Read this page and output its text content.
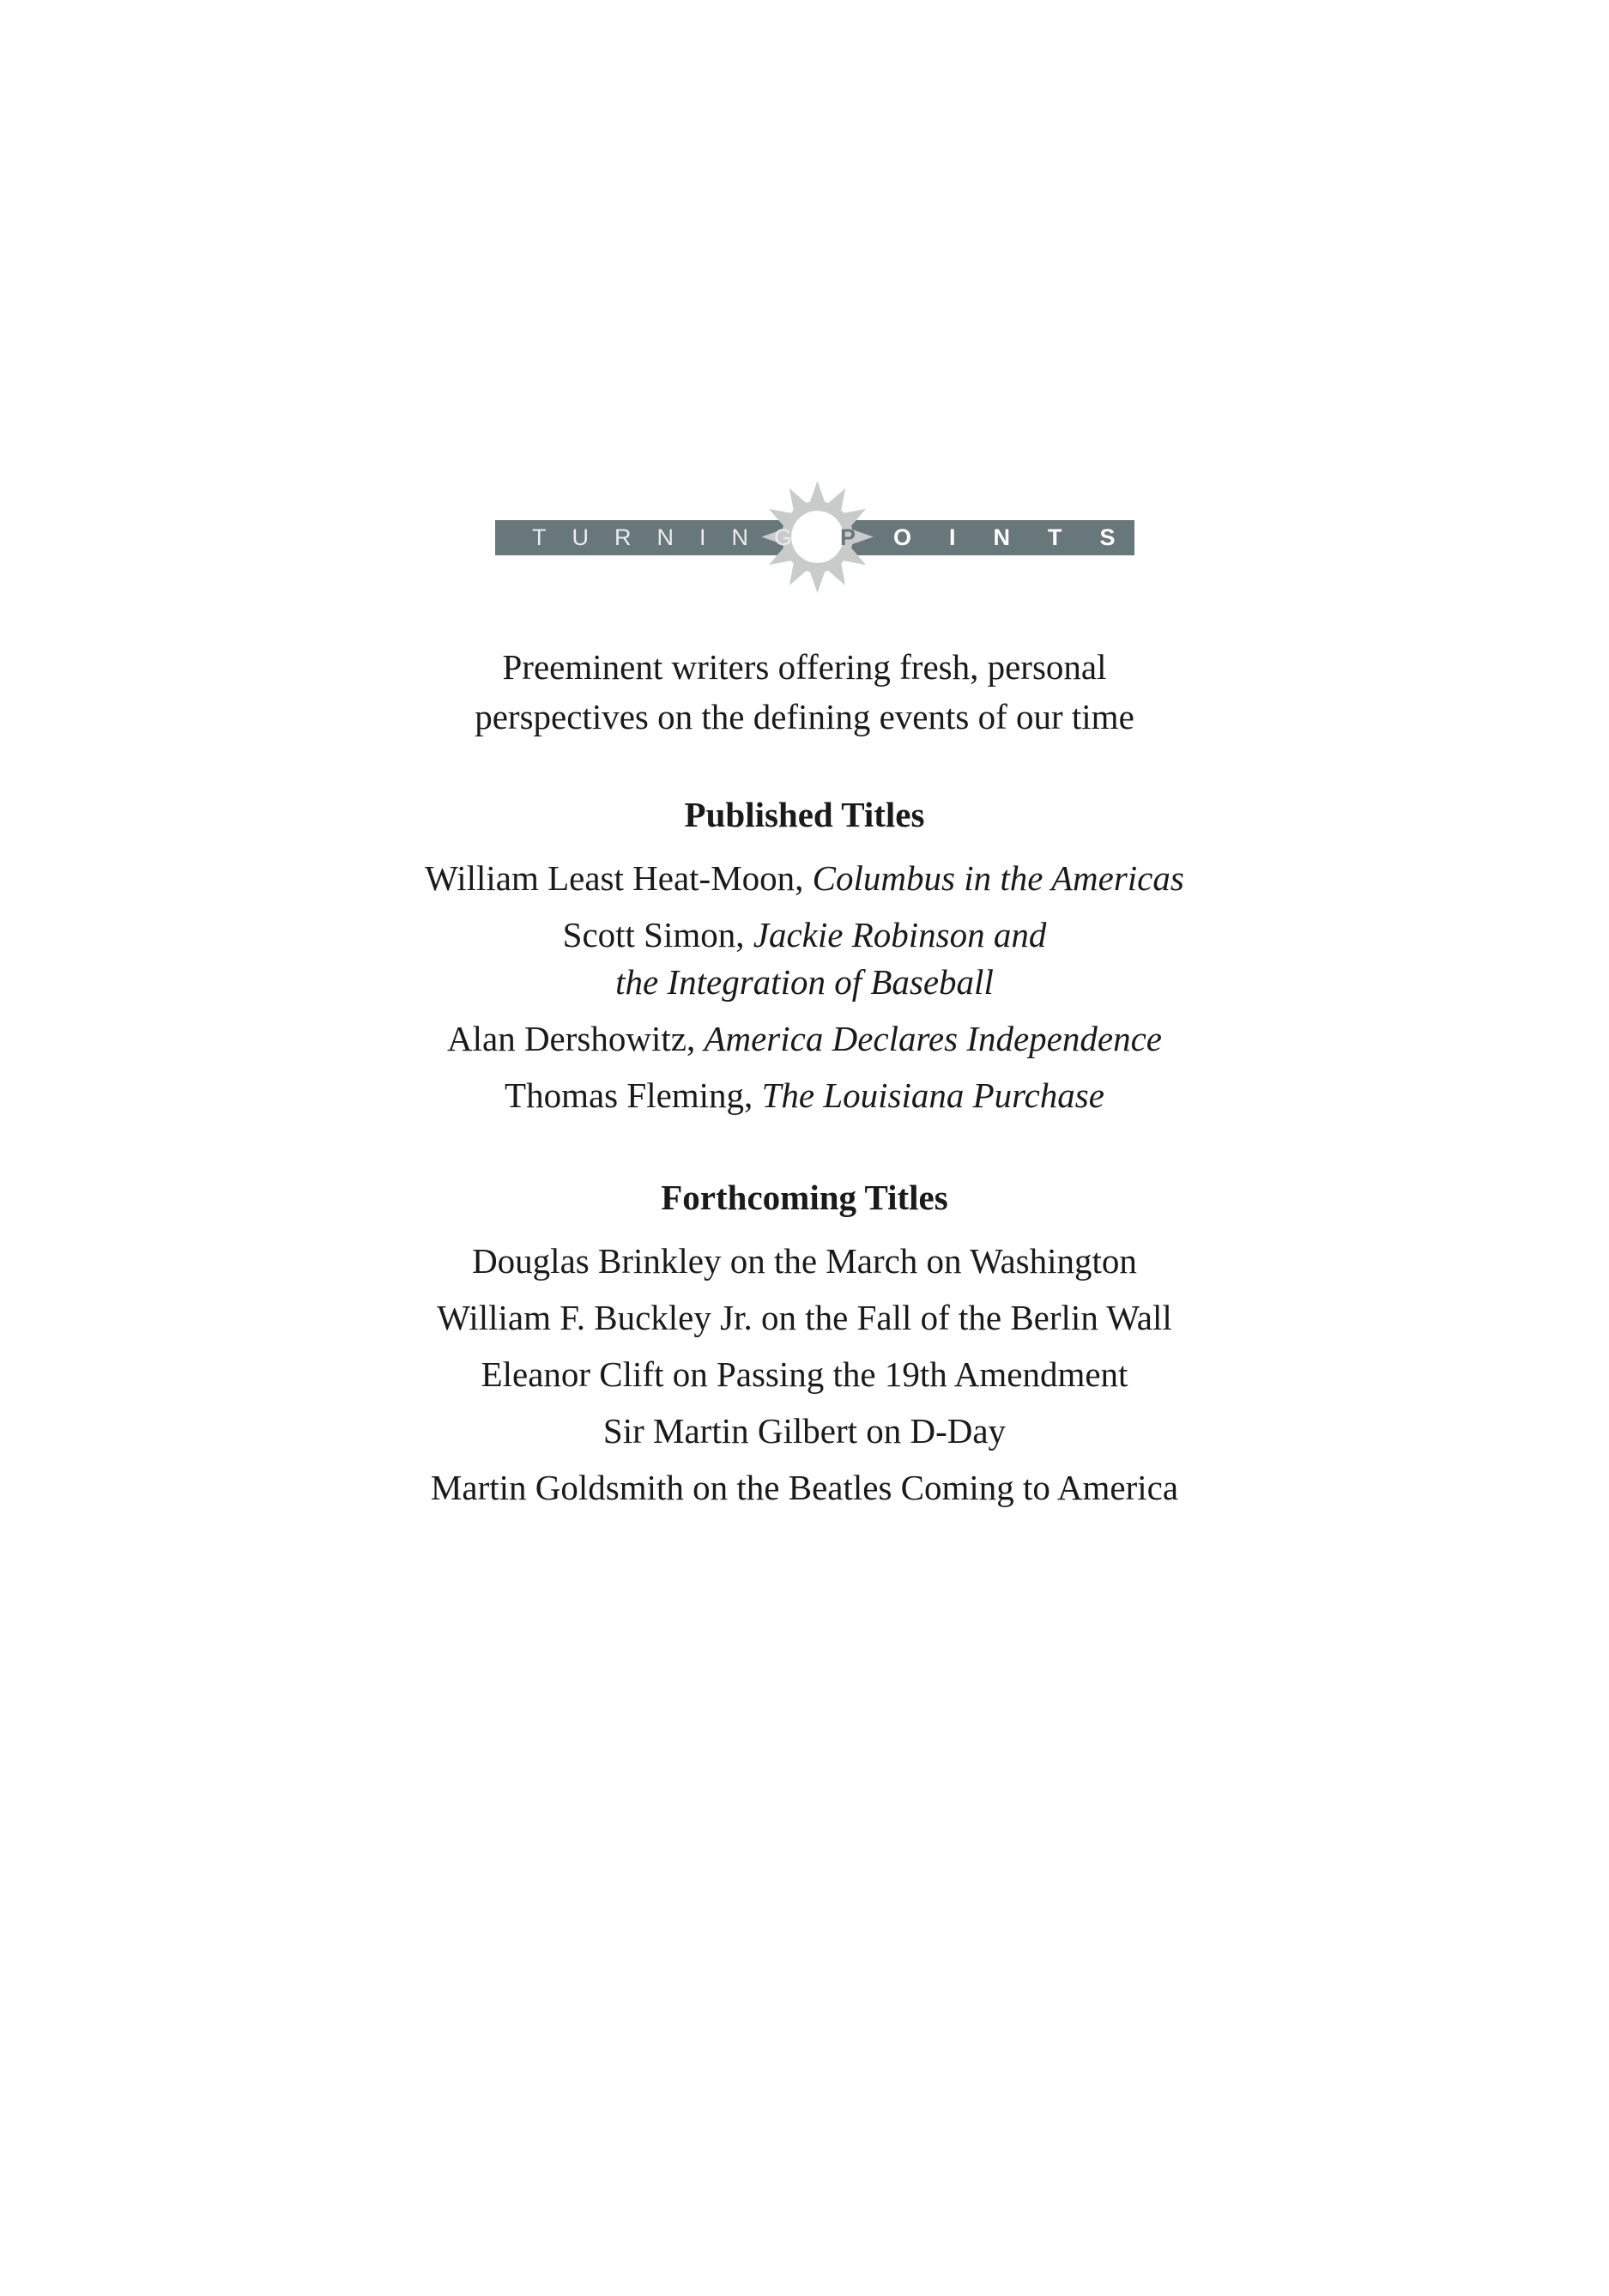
TURNING POINTS

Preeminent writers offering fresh, personal
perspectives on the defining events of our time

Published Titles
William Least Heat-Moon, Columbus in the Americas
Scott Simon, Jackie Robinson and
the Integration of Baseball
Alan Dershowitz, America Declares Independence
Thomas Fleming, The Louisiana Purchase
Forthcoming Titles
Douglas Brinkley on the March on Washington
William F. Buckley Jr. on the Fall of the Berlin Wall
Eleanor Clift on Passing the 19th Amendment
Sir Martin Gilbert on D-Day
Martin Goldsmith on the Beatles Coming to America
